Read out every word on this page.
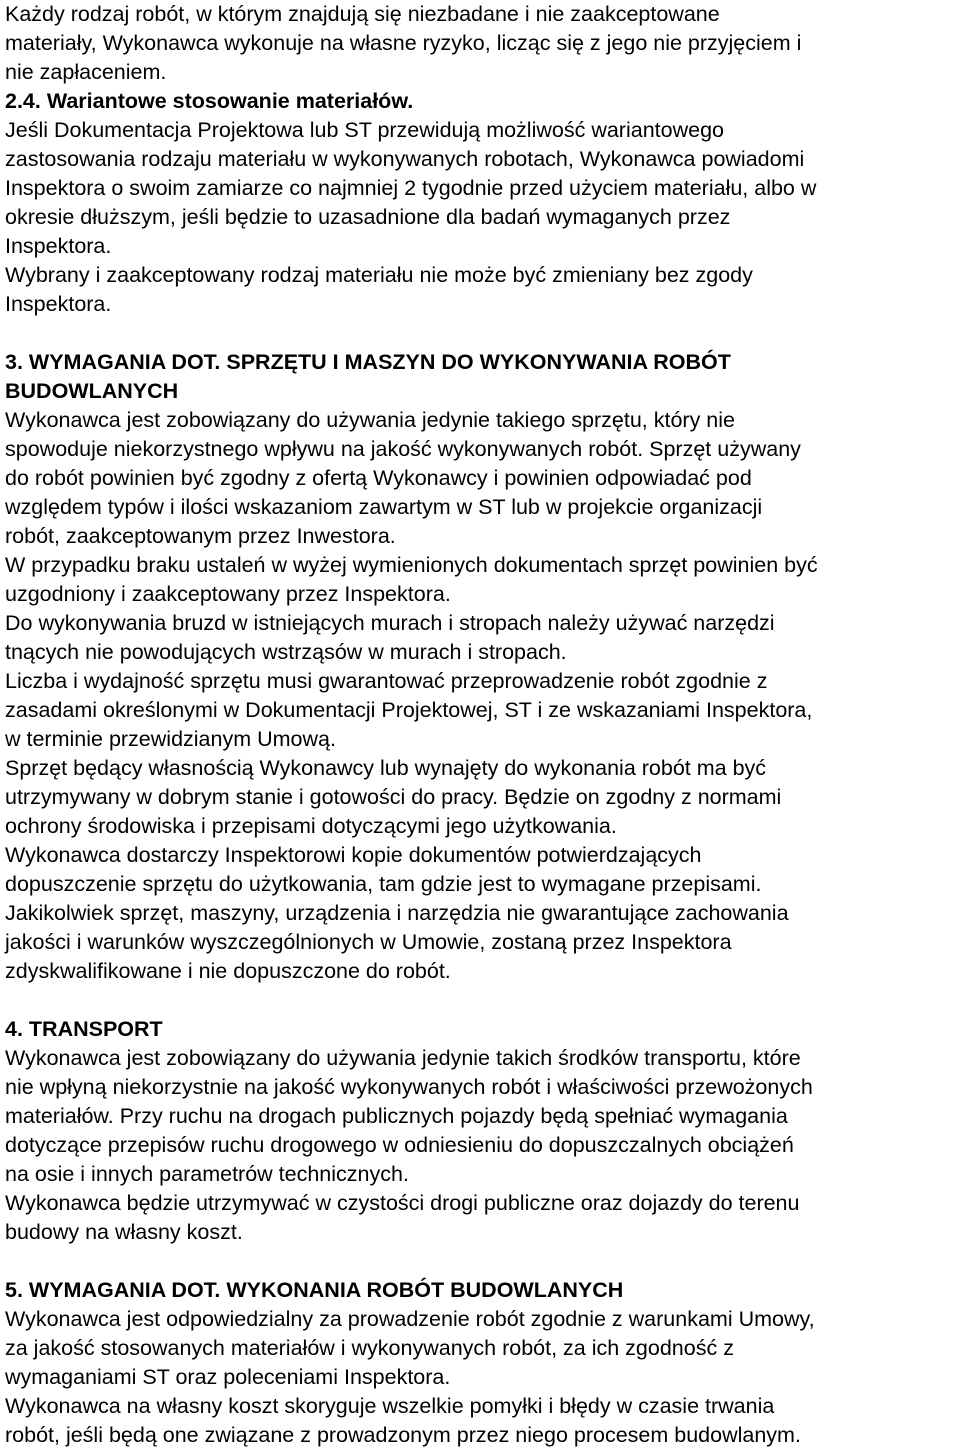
Każdy rodzaj robót, w którym znajdują się niezbadane i nie zaakceptowane
materiały, Wykonawca wykonuje na własne ryzyko, licząc się z jego nie przyjęciem i
nie zapłaceniem.
2.4. Wariantowe stosowanie materiałów.
Jeśli Dokumentacja Projektowa lub ST przewidują możliwość wariantowego
zastosowania rodzaju materiału w wykonywanych robotach, Wykonawca powiadomi
Inspektora o swoim zamiarze co najmniej 2 tygodnie przed użyciem materiału, albo w
okresie dłuższym, jeśli będzie to uzasadnione dla badań wymaganych przez
Inspektora.
Wybrany i zaakceptowany rodzaj materiału nie może być zmieniany bez zgody
Inspektora.
3. WYMAGANIA DOT. SPRZĘTU I MASZYN DO WYKONYWANIA ROBÓT
BUDOWLANYCH
Wykonawca jest zobowiązany do używania jedynie takiego sprzętu, który nie
spowoduje niekorzystnego wpływu na jakość wykonywanych robót. Sprzęt używany
do robót powinien być zgodny z ofertą Wykonawcy i powinien odpowiadać pod
względem typów i ilości wskazaniom zawartym w ST lub w projekcie organizacji
robót, zaakceptowanym przez Inwestora.
W przypadku braku ustaleń w wyżej wymienionych dokumentach sprzęt powinien być
uzgodniony i zaakceptowany przez Inspektora.
Do wykonywania bruzd w istniejących murach i stropach należy używać narzędzi
tnących nie powodujących wstrząsów w murach i stropach.
Liczba i wydajność sprzętu musi gwarantować przeprowadzenie robót zgodnie z
zasadami określonymi w Dokumentacji Projektowej, ST i ze wskazaniami Inspektora,
w terminie przewidzianym Umową.
Sprzęt będący własnością Wykonawcy lub wynajęty do wykonania robót ma być
utrzymywany w dobrym stanie i gotowości do pracy. Będzie on zgodny z normami
ochrony środowiska i przepisami dotyczącymi jego użytkowania.
Wykonawca dostarczy Inspektorowi kopie dokumentów potwierdzających
dopuszczenie sprzętu do użytkowania, tam gdzie jest to wymagane przepisami.
Jakikolwiek sprzęt, maszyny, urządzenia i narzędzia nie gwarantujące zachowania
jakości i warunków wyszczególnionych w Umowie, zostaną przez Inspektora
zdyskwalifikowane i nie dopuszczone do robót.
4. TRANSPORT
Wykonawca jest zobowiązany do używania jedynie takich środków transportu, które
nie wpłyną niekorzystnie na jakość wykonywanych robót i właściwości przewożonych
materiałów. Przy ruchu na drogach publicznych pojazdy będą spełniać wymagania
dotyczące przepisów ruchu drogowego w odniesieniu do dopuszczalnych obciążeń
na osie i innych parametrów technicznych.
Wykonawca będzie utrzymywać w czystości drogi publiczne oraz dojazdy do terenu
budowy na własny koszt.
5. WYMAGANIA DOT. WYKONANIA ROBÓT BUDOWLANYCH
Wykonawca jest odpowiedzialny za prowadzenie robót zgodnie z warunkami Umowy,
za jakość stosowanych materiałów i wykonywanych robót, za ich zgodność z
wymaganiami ST oraz poleceniami Inspektora.
Wykonawca na własny koszt skoryguje wszelkie pomyłki i błędy w czasie trwania
robót, jeśli będą one związane z prowadzonym przez niego procesem budowlanym.
